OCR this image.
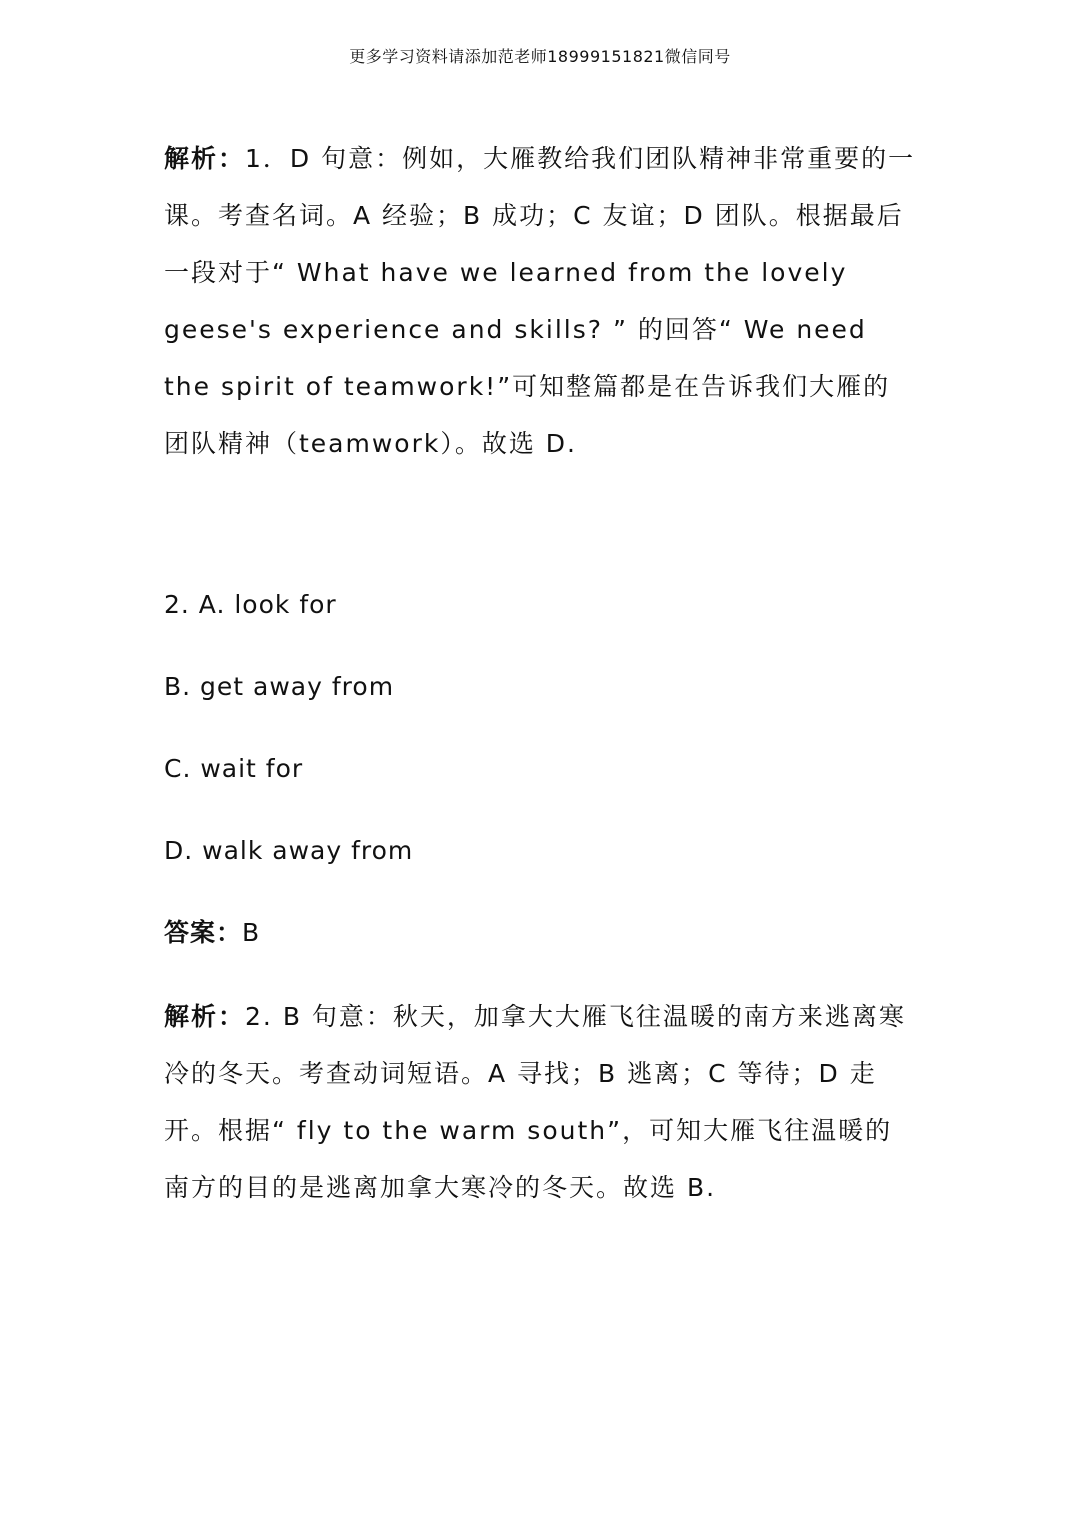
更多学习资料请添加范老师18999151821微信同号

解析：1．D 句意：例如，大雁教给我们团队精神非常重要的一课。考查名词。A 经验；B 成功；C 友谊；D 团队。根据最后一段对于“ What have we learned from the lovely geese's experience and skills? ” 的回答“ We need the spirit of teamwork!”可知整篇都是在告诉我们大雁的团队精神（teamwork）。故选 D.

2. A. look for
B. get away from
C. wait for
D. walk away from
答案：B

解析：2. B 句意：秋天，加拿大大雁飞往温暖的南方来逃离寒冷的冬天。考查动词短语。A 寻找；B 逃离；C 等待；D 走开。根据“ fly to the warm south”，可知大雁飞往温暖的南方的目的是逃离加拿大寒冷的冬天。故选 B.
